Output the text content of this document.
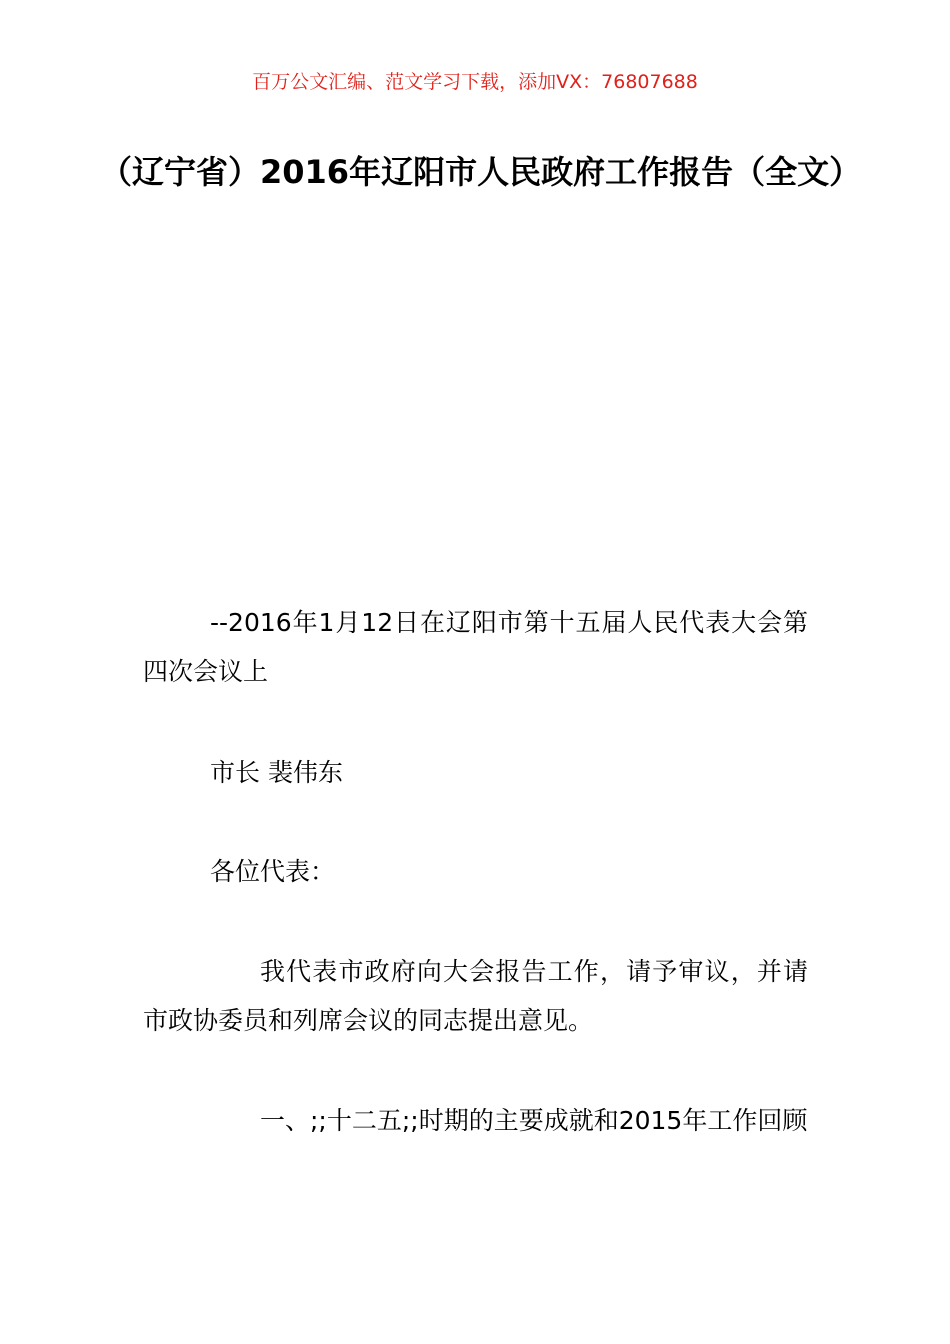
百万公文汇编、范文学习下载，添加VX：76807688
（辽宁省）2016年辽阳市人民政府工作报告（全文）

--2016年1月12日在辽阳市第十五届人民代表大会第四次会议上

市长 裴伟东

各位代表：

我代表市政府向大会报告工作，请予审议，并请市政协委员和列席会议的同志提出意见。

一、;;十二五;;时期的主要成就和2015年工作回顾
